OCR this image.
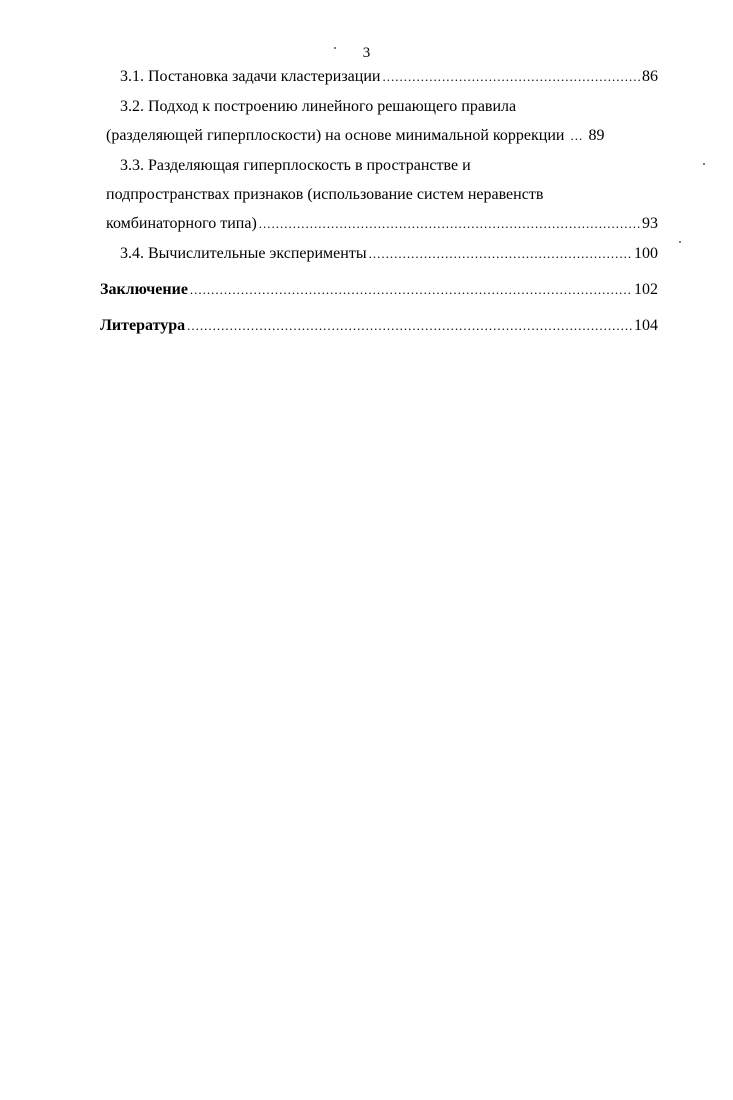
3
3.1. Постановка задачи кластеризации .....	86
3.2. Подход к построению линейного решающего правила
(разделяющей гиперплоскости) на основе минимальной коррекции ..... 89
3.3. Разделяющая гиперплоскость в пространстве и
подпространствах признаков (использование систем неравенств
комбинаторного типа) .....	93
3.4. Вычислительные эксперименты .....	100
Заключение .....	102
Литература .....	104
